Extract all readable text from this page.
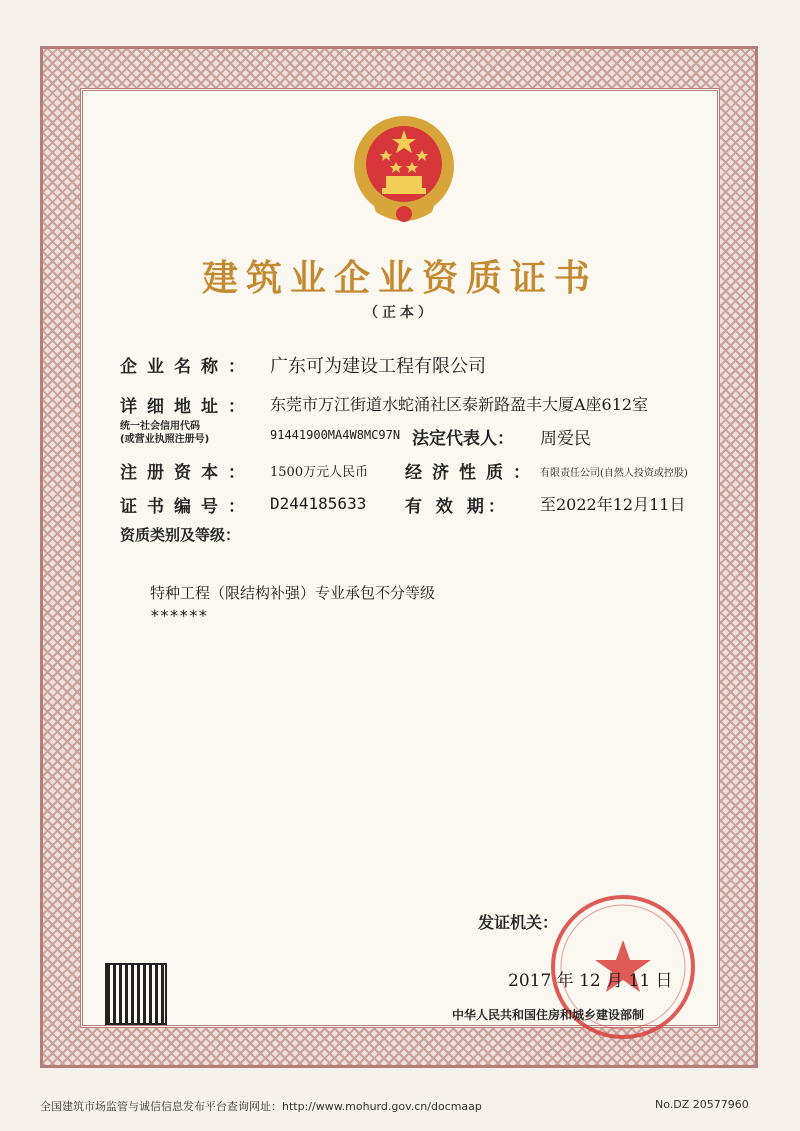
建筑业企业资质证书
（正本）
企业名称： 广东可为建设工程有限公司
详细地址： 东莞市万江街道水蛇涌社区泰新路盈丰大厦A座612室
统一社会信用代码
(或营业执照注册号)	91441900MA4W8MC97N 法定代表人： 周爱民
注册资本： 1500万元人民币 经济性质： 有限责任公司(自然人投资或控股)
证书编号： D244185633 有 效 期： 至2022年12月11日
资质类别及等级：
特种工程（限结构补强）专业承包不分等级
******
发证机关：
2017 年 12 月 11 日
中华人民共和国住房和城乡建设部制
全国建筑市场监管与诚信信息发布平台查询网址：http://www.mohurd.gov.cn/docmaap	No.DZ 20577960
